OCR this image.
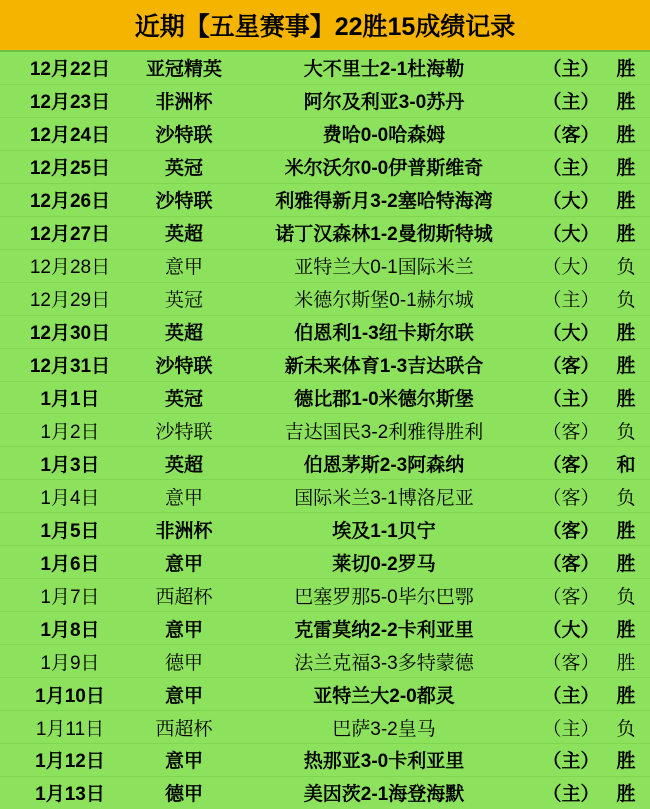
近期【五星赛事】22胜15成绩记录
12月22日	亚冠精英	大不里士2-1杜海勒	（主） 胜
12月23日	非洲杯	阿尔及利亚3-0苏丹	（主） 胜
12月24日	沙特联	费哈0-0哈森姆	（客） 胜
12月25日	英冠	米尔沃尔0-0伊普斯维奇	（主） 胜
12月26日	沙特联	利雅得新月3-2塞哈特海湾	（大） 胜
12月27日	英超	诺丁汉森林1-2曼彻斯特城	（大） 胜
12月28日	意甲	亚特兰大0-1国际米兰	（大） 负
12月29日	英冠	米德尔斯堡0-1赫尔城	（主） 负
12月30日	英超	伯恩利1-3纽卡斯尔联	（大） 胜
12月31日	沙特联	新未来体育1-3吉达联合	（客） 胜
1月1日	英冠	德比郡1-0米德尔斯堡	（主） 胜
1月2日	沙特联	吉达国民3-2利雅得胜利	（客） 负
1月3日	英超	伯恩茅斯2-3阿森纳	（客） 和
1月4日	意甲	国际米兰3-1博洛尼亚	（客） 负
1月5日	非洲杯	埃及1-1贝宁	（客） 胜
1月6日	意甲	莱切0-2罗马	（客） 胜
1月7日	西超杯	巴塞罗那5-0毕尔巴鄂	（客） 负
1月8日	意甲	克雷莫纳2-2卡利亚里	（大） 胜
1月9日	德甲	法兰克福3-3多特蒙德	（客） 胜
1月10日	意甲	亚特兰大2-0都灵	（主） 胜
1月11日	西超杯	巴萨3-2皇马	（主） 负
1月12日	意甲	热那亚3-0卡利亚里	（主） 胜
1月13日	德甲	美因茨2-1海登海默	（主） 胜
